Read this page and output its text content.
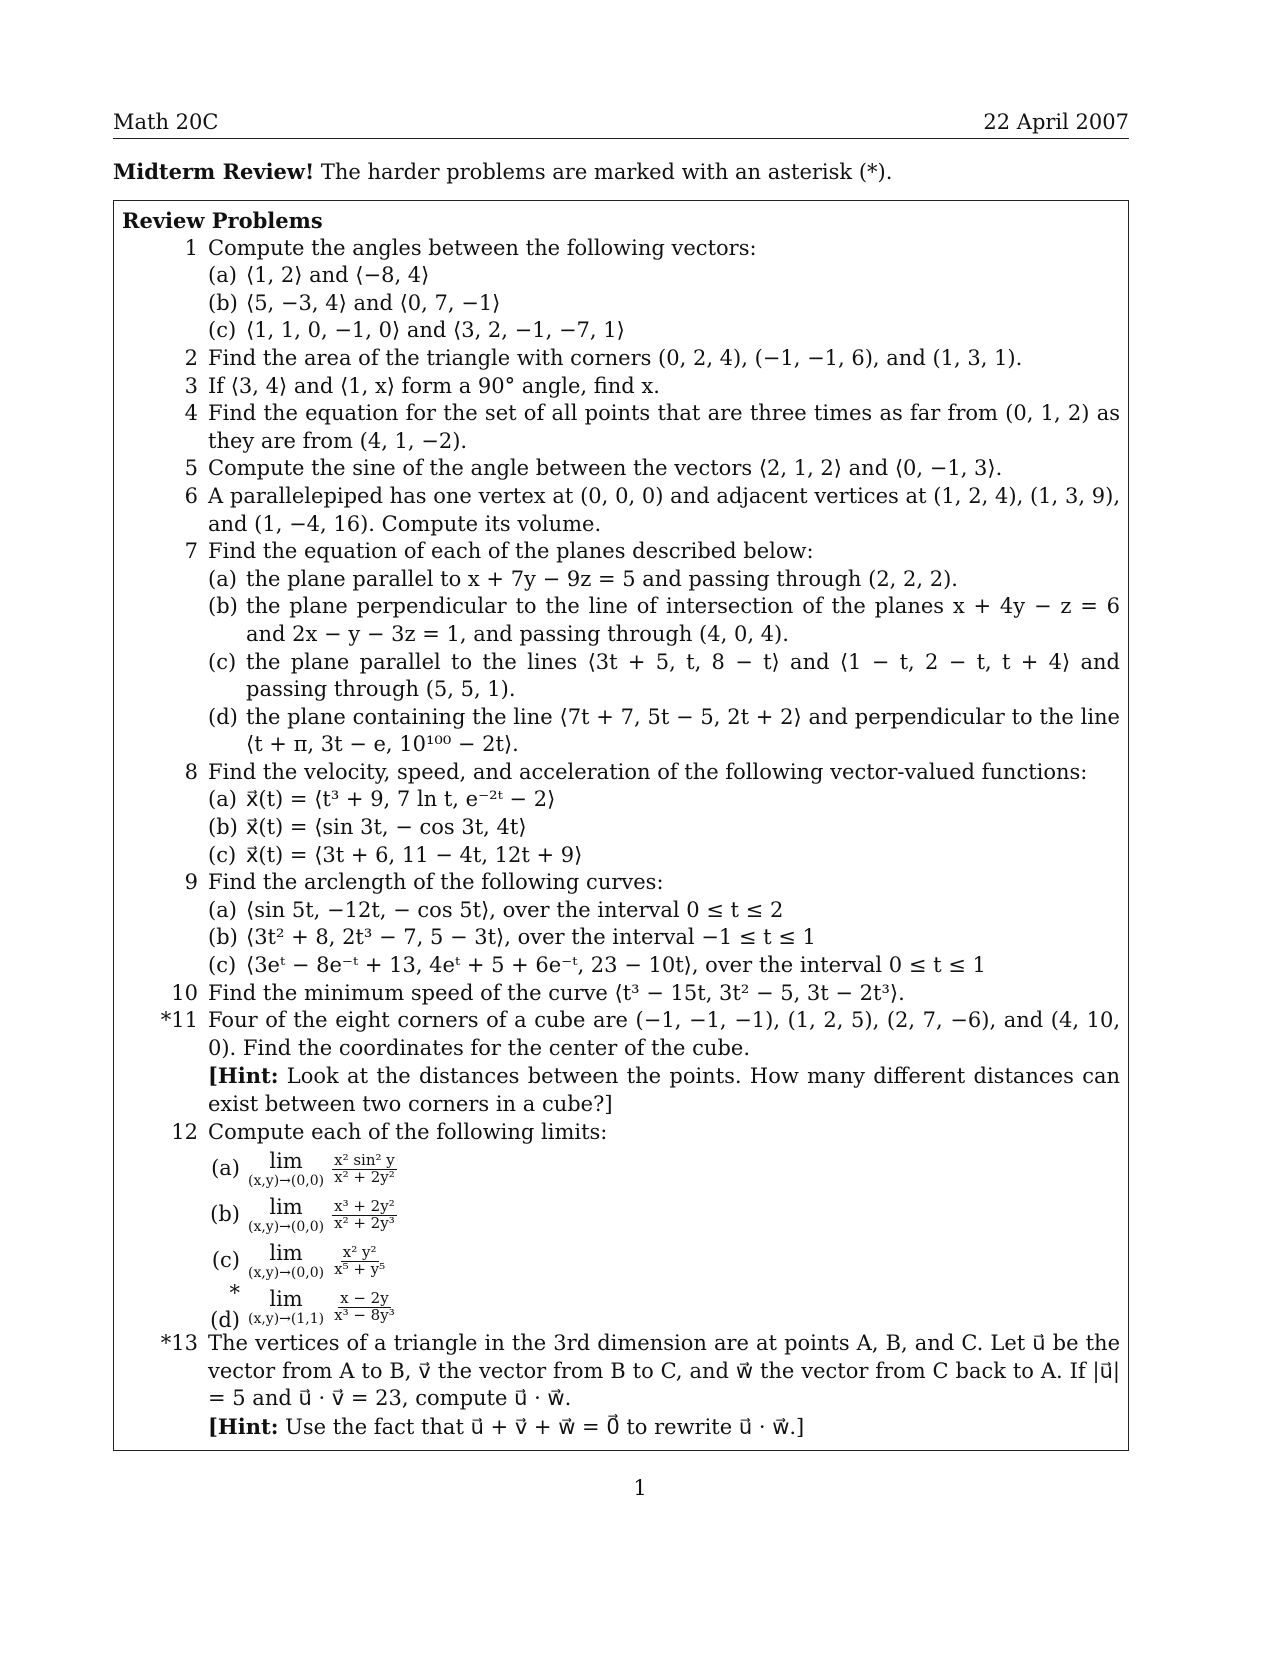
Math 20C	22 April 2007
Midterm Review! The harder problems are marked with an asterisk (*).
Review Problems
1 Compute the angles between the following vectors:
(a) ⟨1, 2⟩ and ⟨−8, 4⟩
(b) ⟨5, −3, 4⟩ and ⟨0, 7, −1⟩
(c) ⟨1, 1, 0, −1, 0⟩ and ⟨3, 2, −1, −7, 1⟩
2 Find the area of the triangle with corners (0, 2, 4), (−1, −1, 6), and (1, 3, 1).
3 If ⟨3, 4⟩ and ⟨1, x⟩ form a 90° angle, find x.
4 Find the equation for the set of all points that are three times as far from (0, 1, 2) as they are from (4, 1, −2).
5 Compute the sine of the angle between the vectors ⟨2, 1, 2⟩ and ⟨0, −1, 3⟩.
6 A parallelepiped has one vertex at (0, 0, 0) and adjacent vertices at (1, 2, 4), (1, 3, 9), and (1, −4, 16). Compute its volume.
7 Find the equation of each of the planes described below:
(a) the plane parallel to x + 7y − 9z = 5 and passing through (2, 2, 2).
(b) the plane perpendicular to the line of intersection of the planes x + 4y − z = 6 and 2x − y − 3z = 1, and passing through (4, 0, 4).
(c) the plane parallel to the lines ⟨3t + 5, t, 8 − t⟩ and ⟨1 − t, 2 − t, t + 4⟩ and passing through (5, 5, 1).
(d) the plane containing the line ⟨7t + 7, 5t − 5, 2t + 2⟩ and perpendicular to the line ⟨t + π, 3t − e, 10¹⁰⁰ − 2t⟩.
8 Find the velocity, speed, and acceleration of the following vector-valued functions:
(a) x⃗(t) = ⟨t³ + 9, 7 ln t, e⁻²ᵗ − 2⟩
(b) x⃗(t) = ⟨sin 3t, − cos 3t, 4t⟩
(c) x⃗(t) = ⟨3t + 6, 11 − 4t, 12t + 9⟩
9 Find the arclength of the following curves:
(a) ⟨sin 5t, −12t, − cos 5t⟩, over the interval 0 ≤ t ≤ 2
(b) ⟨3t² + 8, 2t³ − 7, 5 − 3t⟩, over the interval −1 ≤ t ≤ 1
(c) ⟨3eᵗ − 8e⁻ᵗ + 13, 4eᵗ + 5 + 6e⁻ᵗ, 23 − 10t⟩, over the interval 0 ≤ t ≤ 1
10 Find the minimum speed of the curve ⟨t³ − 15t, 3t² − 5, 3t − 2t³⟩.
*11 Four of the eight corners of a cube are (−1, −1, −1), (1, 2, 5), (2, 7, −6), and (4, 10, 0). Find the coordinates for the center of the cube.
[Hint: Look at the distances between the points. How many different distances can exist between two corners in a cube?]
12 Compute each of the following limits:
(a)	lim
$(x,y)\to(0,0) \frac{\text{x² sin² y}}{\text{x² + 2y²}}$
(b)	lim
$(x,y)\to(0,0) \frac{\text{x³ + 2y²}}{\text{x² + 2y³}}$
(c)	lim
$(x,y)\to(0,0) \frac{\text{x² y²}}{\text{x⁵ + y⁵}}$
*(d)
lim
$(x,y)\to(1,1) \frac{x - 2y}{\text{x³ − 8y³}}$
*13 The vertices of a triangle in the 3rd dimension are at points A, B, and C. Let u⃗ be the vector from A to B, v⃗ the vector from B to C, and w⃗ the vector from C back to A. If |u⃗| = 5 and u⃗ · v⃗ = 23, compute u⃗ · w⃗.
[Hint: Use the fact that u⃗ + v⃗ + w⃗ = 0⃗ to rewrite u⃗ · w⃗.]
1
